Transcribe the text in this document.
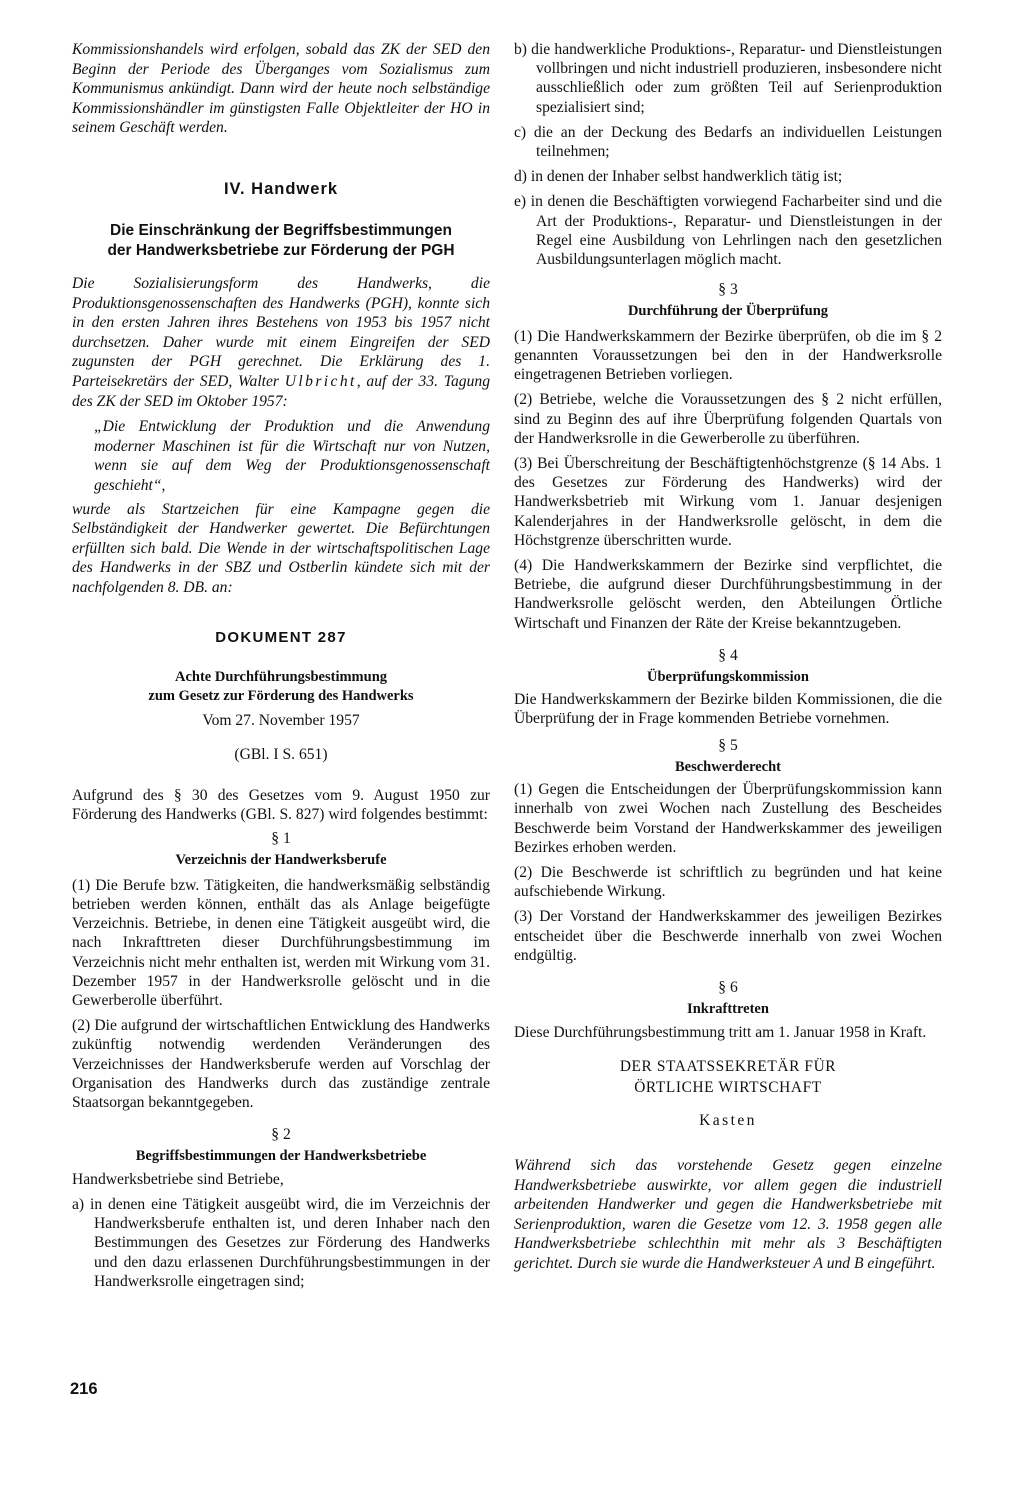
Kommissionshandels wird erfolgen, sobald das ZK der SED den Beginn der Periode des Überganges vom Sozialismus zum Kommunismus ankündigt. Dann wird der heute noch selbständige Kommissionshändler im günstigsten Falle Objektleiter der HO in seinem Geschäft werden.

IV. Handwerk

Die Einschränkung der Begriffsbestimmungen

der Handwerksbetriebe zur Förderung der PGH

Die Sozialisierungsform des Handwerks, die Produktionsgenossenschaften des Handwerks (PGH), konnte sich in den ersten Jahren ihres Bestehens von 1953 bis 1957 nicht durchsetzen. Daher wurde mit einem Eingreifen der SED zugunsten der PGH gerechnet. Die Erklärung des 1. Parteisekretärs der SED, Walter Ulbricht, auf der 33. Tagung des ZK der SED im Oktober 1957:

„Die Entwicklung der Produktion und die Anwendung moderner Maschinen ist für die Wirtschaft nur von Nutzen, wenn sie auf dem Weg der Produktionsgenossenschaft geschieht“,

wurde als Startzeichen für eine Kampagne gegen die Selbständigkeit der Handwerker gewertet. Die Befürchtungen erfüllten sich bald. Die Wende in der wirtschaftspolitischen Lage des Handwerks in der SBZ und Ostberlin kündete sich mit der nachfolgenden 8. DB. an:

DOKUMENT 287

Achte Durchführungsbestimmung

zum Gesetz zur Förderung des Handwerks

Vom 27. November 1957

(GBl. I S. 651)

Aufgrund des § 30 des Gesetzes vom 9. August 1950 zur Förderung des Handwerks (GBl. S. 827) wird folgendes bestimmt:

§ 1

Verzeichnis der Handwerksberufe

(1) Die Berufe bzw. Tätigkeiten, die handwerksmäßig selbständig betrieben werden können, enthält das als Anlage beigefügte Verzeichnis. Betriebe, in denen eine Tätigkeit ausgeübt wird, die nach Inkrafttreten dieser Durchführungsbestimmung im Verzeichnis nicht mehr enthalten ist, werden mit Wirkung vom 31. Dezember 1957 in der Handwerksrolle gelöscht und in die Gewerberolle überführt.

(2) Die aufgrund der wirtschaftlichen Entwicklung des Handwerks zukünftig notwendig werdenden Veränderungen des Verzeichnisses der Handwerksberufe werden auf Vorschlag der Organisation des Handwerks durch das zuständige zentrale Staatsorgan bekanntgegeben.

§ 2

Begriffsbestimmungen der Handwerksbetriebe

Handwerksbetriebe sind Betriebe,

a) in denen eine Tätigkeit ausgeübt wird, die im Verzeichnis der Handwerksberufe enthalten ist, und deren Inhaber nach den Bestimmungen des Gesetzes zur Förderung des Handwerks und den dazu erlassenen Durchführungsbestimmungen in der Handwerksrolle eingetragen sind;

b) die handwerkliche Produktions-, Reparatur- und Dienstleistungen vollbringen und nicht industriell produzieren, insbesondere nicht ausschließlich oder zum größten Teil auf Serienproduktion spezialisiert sind;

c) die an der Deckung des Bedarfs an individuellen Leistungen teilnehmen;

d) in denen der Inhaber selbst handwerklich tätig ist;

e) in denen die Beschäftigten vorwiegend Facharbeiter sind und die Art der Produktions-, Reparatur- und Dienstleistungen in der Regel eine Ausbildung von Lehrlingen nach den gesetzlichen Ausbildungsunterlagen möglich macht.

§ 3

Durchführung der Überprüfung

(1) Die Handwerkskammern der Bezirke überprüfen, ob die im § 2 genannten Voraussetzungen bei den in der Handwerksrolle eingetragenen Betrieben vorliegen.

(2) Betriebe, welche die Voraussetzungen des § 2 nicht erfüllen, sind zu Beginn des auf ihre Überprüfung folgenden Quartals von der Handwerksrolle in die Gewerberolle zu überführen.

(3) Bei Überschreitung der Beschäftigtenhöchstgrenze (§ 14 Abs. 1 des Gesetzes zur Förderung des Handwerks) wird der Handwerksbetrieb mit Wirkung vom 1. Januar desjenigen Kalenderjahres in der Handwerksrolle gelöscht, in dem die Höchstgrenze überschritten wurde.

(4) Die Handwerkskammern der Bezirke sind verpflichtet, die Betriebe, die aufgrund dieser Durchführungsbestimmung in der Handwerksrolle gelöscht werden, den Abteilungen Örtliche Wirtschaft und Finanzen der Räte der Kreise bekanntzugeben.

§ 4

Überprüfungskommission

Die Handwerkskammern der Bezirke bilden Kommissionen, die die Überprüfung der in Frage kommenden Betriebe vornehmen.

§ 5

Beschwerderecht

(1) Gegen die Entscheidungen der Überprüfungskommission kann innerhalb von zwei Wochen nach Zustellung des Bescheides Beschwerde beim Vorstand der Handwerkskammer des jeweiligen Bezirkes erhoben werden.

(2) Die Beschwerde ist schriftlich zu begründen und hat keine aufschiebende Wirkung.

(3) Der Vorstand der Handwerkskammer des jeweiligen Bezirkes entscheidet über die Beschwerde innerhalb von zwei Wochen endgültig.

§ 6

Inkrafttreten

Diese Durchführungsbestimmung tritt am 1. Januar 1958 in Kraft.

DER STAATSSEKRETÄR FÜR

ÖRTLICHE WIRTSCHAFT

Kasten

Während sich das vorstehende Gesetz gegen einzelne Handwerksbetriebe auswirkte, vor allem gegen die industriell arbeitenden Handwerker und gegen die Handwerksbetriebe mit Serienproduktion, waren die Gesetze vom 12. 3. 1958 gegen alle Handwerksbetriebe schlechthin mit mehr als 3 Beschäftigten gerichtet. Durch sie wurde die Handwerksteuer A und B eingeführt.

216
